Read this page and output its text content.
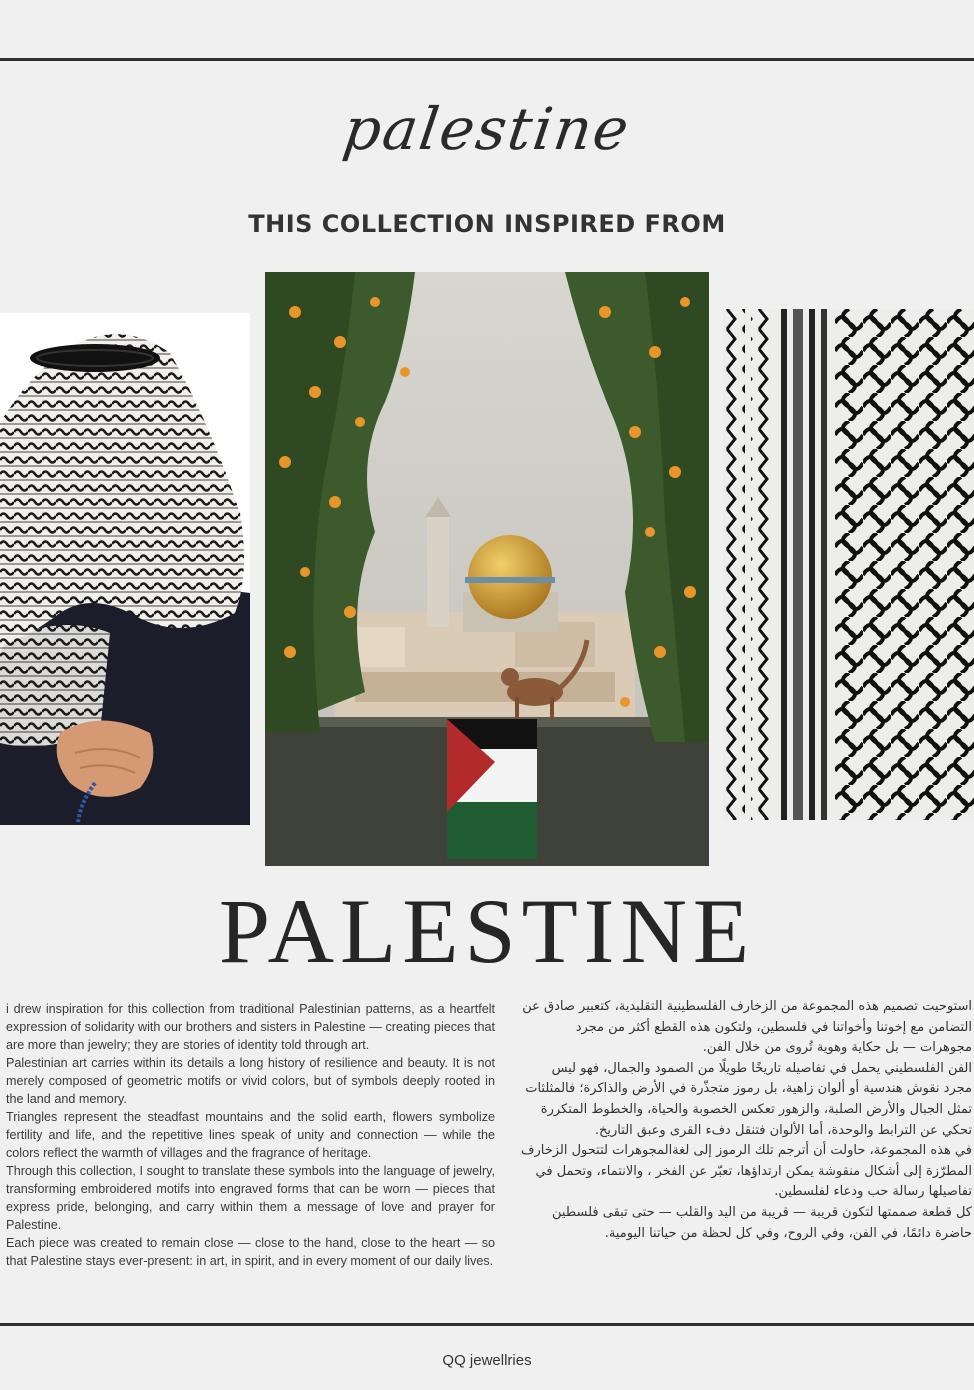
palestine
THIS COLLECTION INSPIRED FROM
PALESTINE

i drew inspiration for this collection from traditional Palestinian patterns, as a heartfelt expression of solidarity with our brothers and sisters in Palestine — creating pieces that are more than jewelry; they are stories of identity told through art.

Palestinian art carries within its details a long history of resilience and beauty. It is not merely composed of geometric motifs or vivid colors, but of symbols deeply rooted in the land and memory.

Triangles represent the steadfast mountains and the solid earth, flowers symbolize fertility and life, and the repetitive lines speak of unity and connection — while the colors reflect the warmth of villages and the fragrance of heritage.

Through this collection, I sought to translate these symbols into the language of jewelry, transforming embroidered motifs into engraved forms that can be worn — pieces that express pride, belonging, and carry within them a message of love and prayer for Palestine.

Each piece was created to remain close — close to the hand, close to the heart — so that Palestine stays ever-present: in art, in spirit, and in every moment of our daily lives.

استوحيت تصميم هذه المجموعة من الزخارف الفلسطينية التقليدية، كتعبير صادق عن التضامن مع إخوتنا وأخواتنا في فلسطين، ولتكون هذه القطع أكثر من مجرد مجوهرات — بل حكاية وهوية تُروى من خلال الفن.

الفن الفلسطيني يحمل في تفاصيله تاريخًا طويلًا من الصمود والجمال، فهو ليس مجرد نقوش هندسية أو ألوان زاهية، بل رموز متجذّرة في الأرض والذاكرة؛ فالمثلثات تمثل الجبال والأرض الصلبة، والزهور تعكس الخصوبة والحياة، والخطوط المتكررة

تحكي عن الترابط والوحدة، أما الألوان فتنقل دفء القرى وعبق التاريخ.

في هذه المجموعة، حاولت أن أترجم تلك الرموز إلى لغةالمجوهرات لتتحول الزخارف المطرّزة إلى أشكال منقوشة يمكن ارتداؤها، تعبّر عن الفخر ، والانتماء، وتحمل في تفاصيلها رسالة حب ودعاء لفلسطين.

كل قطعة صممتها لتكون قريبة — قريبة من اليد والقلب — حتى تبقى فلسطين حاضرة دائمًا، في الفن، وفي الروح، وفي كل لحظة من حياتنا اليومية.

QQ jewellries
